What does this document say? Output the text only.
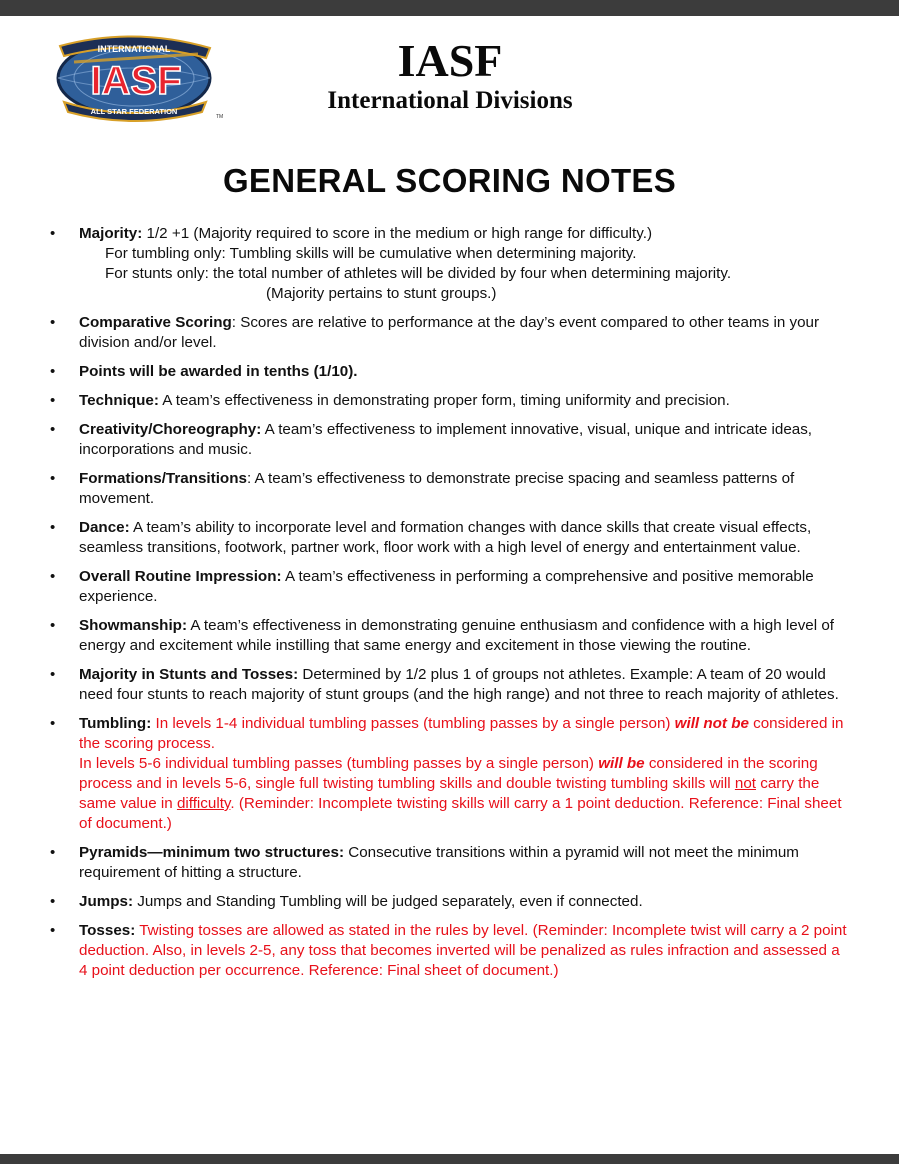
INTERNATIONAL
IASF
ALL STAR FEDERATION
TM
IASF
International Divisions
GENERAL SCORING NOTES
•	Majority: 1/2 +1 (Majority required to score in the medium or high range for difficulty.)
For tumbling only: Tumbling skills will be cumulative when determining majority.
For stunts only: the total number of athletes will be divided by four when determining majority.
(Majority pertains to stunt groups.)
•	Comparative Scoring: Scores are relative to performance at the day’s event compared to other teams in your division and/or level.
•	Points will be awarded in tenths (1/10).
•	Technique: A team’s effectiveness in demonstrating proper form, timing uniformity and precision.
•	Creativity/Choreography: A team’s effectiveness to implement innovative, visual, unique and intricate ideas, incorporations and music.
•	Formations/Transitions: A team’s effectiveness to demonstrate precise spacing and seamless patterns of movement.
•	Dance: A team’s ability to incorporate level and formation changes with dance skills that create visual effects, seamless transitions, footwork, partner work, floor work with a high level of energy and entertainment value.
•	Overall Routine Impression: A team’s effectiveness in performing a comprehensive and positive memorable experience.
•	Showmanship: A team’s effectiveness in demonstrating genuine enthusiasm and confidence with a high level of energy and excitement while instilling that same energy and excitement in those viewing the routine.
•	Majority in Stunts and Tosses: Determined by 1/2 plus 1 of groups not athletes. Example: A team of 20 would need four stunts to reach majority of stunt groups (and the high range) and not three to reach majority of athletes.
•	Tumbling: In levels 1-4 individual tumbling passes (tumbling passes by a single person) will not be considered in the scoring process.
In levels 5-6 individual tumbling passes (tumbling passes by a single person) will be considered in the scoring process and in levels 5-6, single full twisting tumbling skills and double twisting tumbling skills will not carry the same value in difficulty. (Reminder: Incomplete twisting skills will carry a 1 point deduction. Reference: Final sheet of document.)
•	Pyramids—minimum two structures: Consecutive transitions within a pyramid will not meet the minimum requirement of hitting a structure.
•	Jumps: Jumps and Standing Tumbling will be judged separately, even if connected.
•	Tosses: Twisting tosses are allowed as stated in the rules by level. (Reminder: Incomplete twist will carry a 2 point deduction. Also, in levels 2-5, any toss that becomes inverted will be penalized as rules infraction and assessed a 4 point deduction per occurrence. Reference: Final sheet of document.)
